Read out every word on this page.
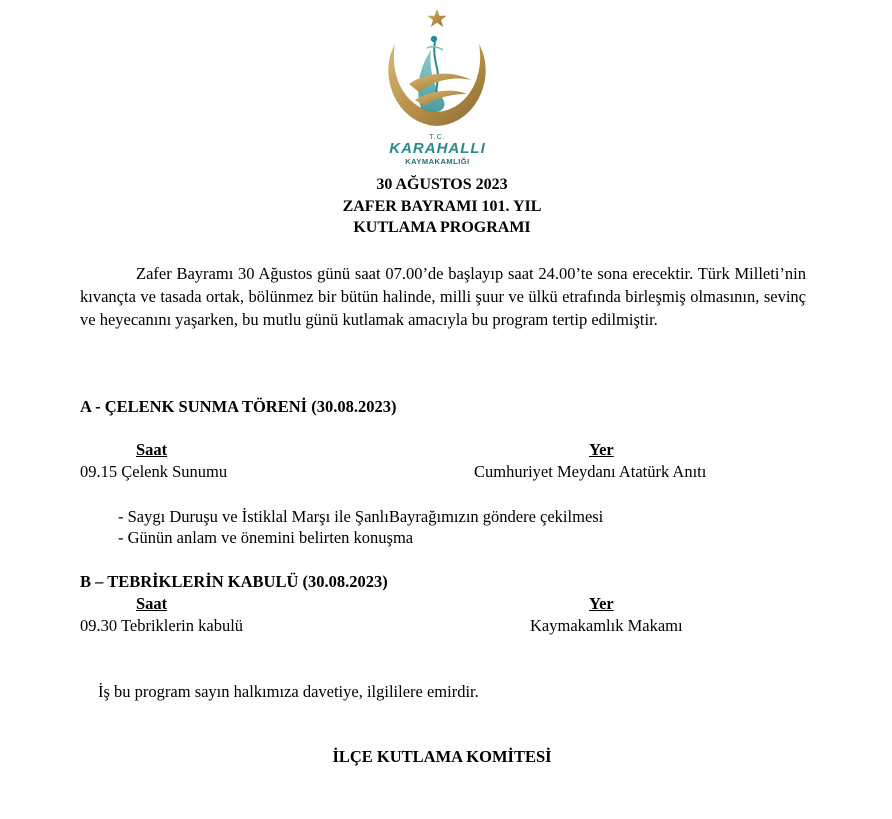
T.C.
KARAHALLI
KAYMAKAMLIĞI
30 AĞUSTOS 2023
ZAFER BAYRAMI 101. YIL
KUTLAMA PROGRAMI
Zafer Bayramı 30 Ağustos günü saat 07.00’de başlayıp saat 24.00’te sona erecektir. Türk Milleti’nin kıvançta ve tasada ortak, bölünmez bir bütün halinde, milli şuur ve ülkü etrafında birleşmiş olmasının, sevinç ve heyecanını yaşarken, bu mutlu günü kutlamak amacıyla bu program tertip edilmiştir.
A - ÇELENK SUNMA TÖRENİ (30.08.2023)
Saat	Yer
09.15 Çelenk Sunumu	Cumhuriyet Meydanı Atatürk Anıtı
- Saygı Duruşu ve İstiklal Marşı ile ŞanlıBayrağımızın göndere çekilmesi
- Günün anlam ve önemini belirten konuşma
B – TEBRİKLERİN KABULÜ (30.08.2023)
Saat	Yer
09.30 Tebriklerin kabulü	Kaymakamlık Makamı
İş bu program sayın halkımıza davetiye, ilgililere emirdir.
İLÇE KUTLAMA KOMİTESİ
